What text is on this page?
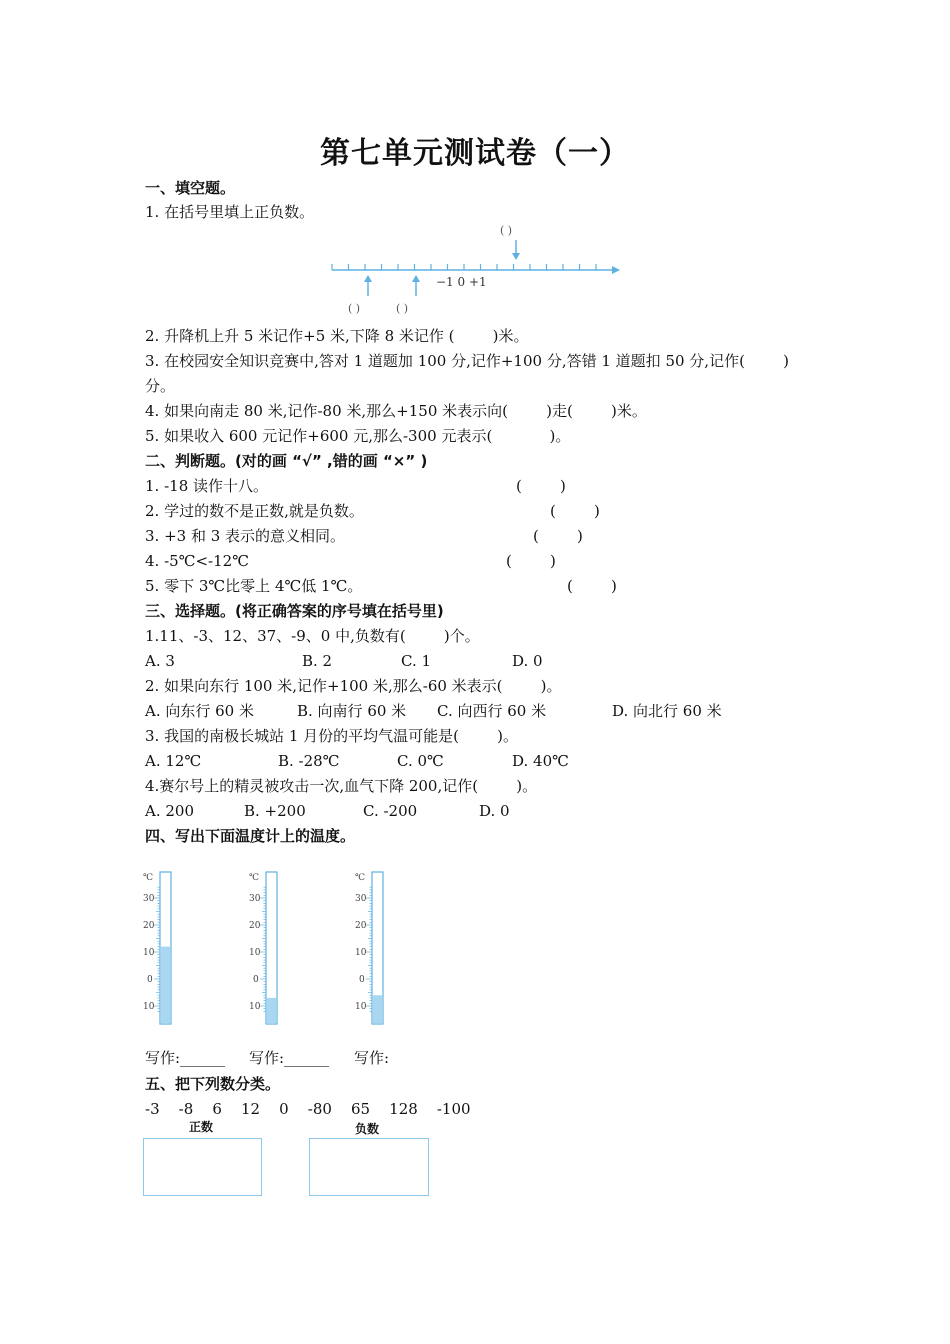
第七单元测试卷（一）
一、填空题。
1. 在括号里填上正负数。
( )
−1 0 +1
( )	( )
2. 升降机上升 5 米记作+5 米,下降 8 米记作 (        )米。
3. 在校园安全知识竞赛中,答对 1 道题加 100 分,记作+100 分,答错 1 道题扣 50 分,记作(        )
分。
4. 如果向南走 80 米,记作-80 米,那么+150 米表示向(        )走(        )米。
5. 如果收入 600 元记作+600 元,那么-300 元表示(            )。
二、判断题。(对的画 “√” ,错的画 “×” )
1. -18 读作十八。	(        )
2. 学过的数不是正数,就是负数。	(        )
3. +3 和 3 表示的意义相同。	(        )
4. -5℃<-12℃	(        )
5. 零下 3℃比零上 4℃低 1℃。	(        )
三、选择题。(将正确答案的序号填在括号里)
1.11、-3、12、37、-9、0 中,负数有(        )个。
A. 3	B. 2	C. 1	D. 0
2. 如果向东行 100 米,记作+100 米,那么-60 米表示(        )。
A. 向东行 60 米	B. 向南行 60 米 C. 向西行 60 米	D. 向北行 60 米
3. 我国的南极长城站 1 月份的平均气温可能是(        )。
A. 12℃	B. -28℃	C. 0℃	D. 40℃
4.赛尔号上的精灵被攻击一次,血气下降 200,记作(        )。
A. 200	B. +200	C. -200	D. 0
四、写出下面温度计上的温度。
℃
30
20
10
0
10
℃
30
20
10
0
10
℃
30
20
10
0
10
写作:______ 写作:______ 写作:
五、把下列数分类。
-3    -8    6    12    0    -80    65    128    -100
正数	负数
